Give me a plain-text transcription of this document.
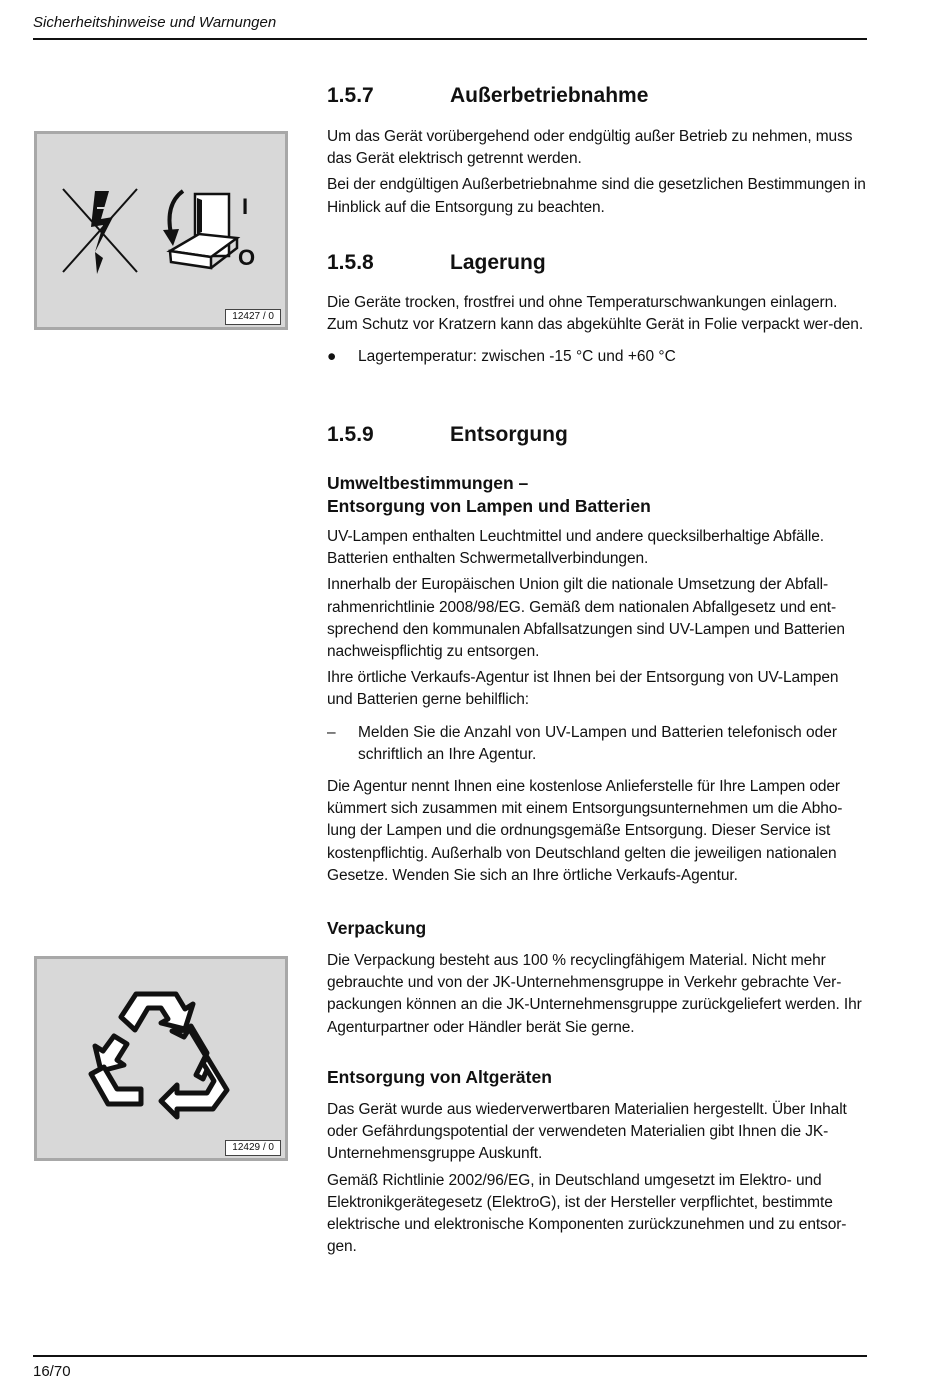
Sicherheitshinweise und Warnungen
16/70
I
O
12427 / 0
12429 / 0
1.5.7	Außerbetriebnahme

Um das Gerät vorübergehend oder endgültig außer Betrieb zu nehmen, muss das Gerät elektrisch getrennt werden.

Bei der endgültigen Außerbetriebnahme sind die gesetzlichen Bestimmungen in Hinblick auf die Entsorgung zu beachten.

1.5.8	Lagerung

Die Geräte trocken, frostfrei und ohne Temperaturschwankungen einlagern. Zum Schutz vor Kratzern kann das abgekühlte Gerät in Folie verpackt wer-den.

●	Lagertemperatur: zwischen -15 °C und +60 °C
1.5.9	Entsorgung
Umweltbestimmungen –
Entsorgung von Lampen und Batterien

UV-Lampen enthalten Leuchtmittel und andere quecksilberhaltige Abfälle. Batterien enthalten Schwermetallverbindungen.

Innerhalb der Europäischen Union gilt die nationale Umsetzung der Abfall-rahmenrichtlinie 2008/98/EG. Gemäß dem nationalen Abfallgesetz und ent-sprechend den kommunalen Abfallsatzungen sind UV-Lampen und Batterien nachweispflichtig zu entsorgen.

Ihre örtliche Verkaufs-Agentur ist Ihnen bei der Entsorgung von UV-Lampen und Batterien gerne behilflich:

–	Melden Sie die Anzahl von UV-Lampen und Batterien telefonisch oder schriftlich an Ihre Agentur.

Die Agentur nennt Ihnen eine kostenlose Anlieferstelle für Ihre Lampen oder kümmert sich zusammen mit einem Entsorgungsunternehmen um die Abho-lung der Lampen und die ordnungsgemäße Entsorgung. Dieser Service ist kostenpflichtig. Außerhalb von Deutschland gelten die jeweiligen nationalen Gesetze. Wenden Sie sich an Ihre örtliche Verkaufs-Agentur.

Verpackung

Die Verpackung besteht aus 100 % recyclingfähigem Material. Nicht mehr gebrauchte und von der JK-Unternehmensgruppe in Verkehr gebrachte Ver-packungen können an die JK-Unternehmensgruppe zurückgeliefert werden. Ihr Agenturpartner oder Händler berät Sie gerne.

Entsorgung von Altgeräten

Das Gerät wurde aus wiederverwertbaren Materialien hergestellt. Über Inhalt oder Gefährdungspotential der verwendeten Materialien gibt Ihnen die JK-Unternehmensgruppe Auskunft.

Gemäß Richtlinie 2002/96/EG, in Deutschland umgesetzt im Elektro- und Elektronikgerätegesetz (ElektroG), ist der Hersteller verpflichtet, bestimmte elektrische und elektronische Komponenten zurückzunehmen und zu entsor-gen.
